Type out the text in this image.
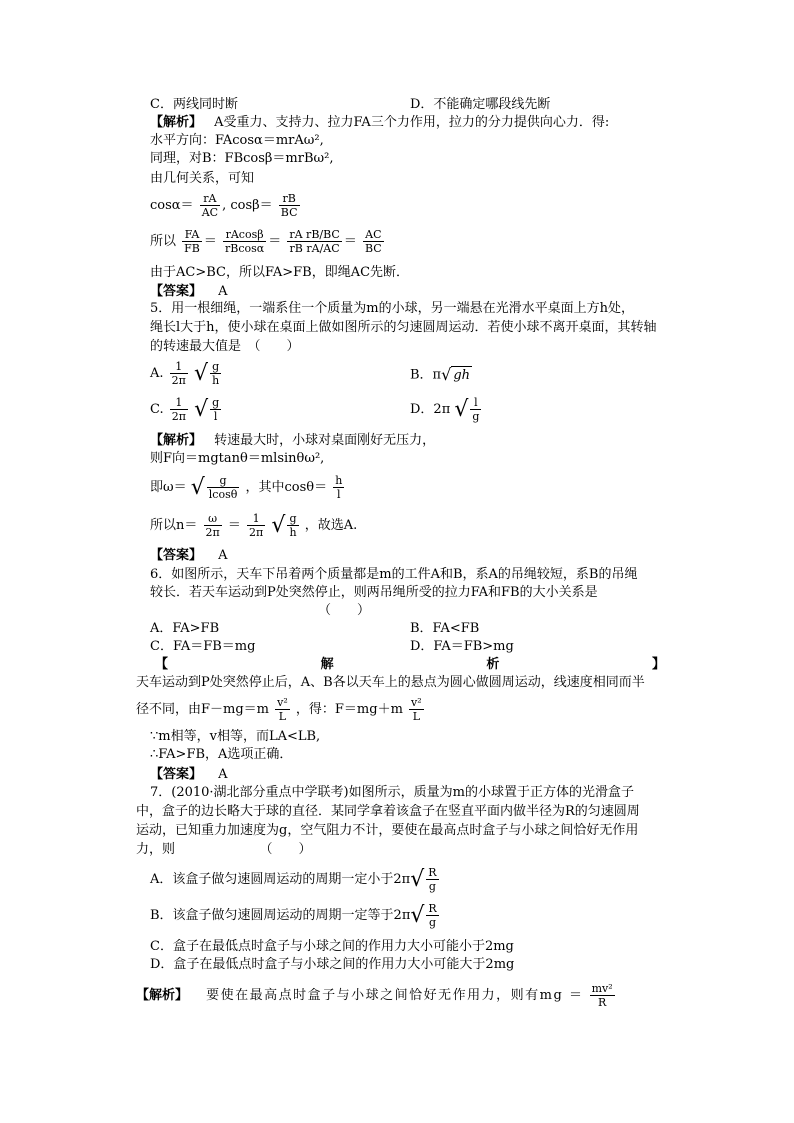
C．两线同时断	D．不能确定哪段线先断
【解析】 A受重力、支持力、拉力FA三个力作用，拉力的分力提供向心力．得:
水平方向：FAcosα＝mrAω²,
同理，对B：FBcosβ＝mrBω²,
由几何关系，可知
$\cos\alpha= \frac{rA}{AC}$ , $\cos\beta= \frac{rB}{BC}$
所以 $\frac{FA}{FB} = \frac{rAcos\beta}{rBcos\alpha} = \frac{\text{rA rB/BC}}{\text{rB rA/AC}} = \frac{AC}{BC}$
由于AC>BC，所以FA>FB，即绳AC先断．
【答案】 A
5．用一根细绳，一端系住一个质量为m的小球，另一端悬在光滑水平桌面上方h处，
绳长l大于h，使小球在桌面上做如图所示的匀速圆周运动．若使小球不离开桌面，其转轴
的转速最大值是　（　　）
A. $\frac{1}{2\pi}$ √ $\frac{g}{h}$	B．π√ gh
C. $\frac{1}{2\pi}$ √ $\frac{g}{l}$	D．2π √ $\frac{l}{g}$
【解析】 转速最大时，小球对桌面刚好无压力，
则F向＝mgtanθ＝mlsinθω²,
即ω＝ √ $\frac{g}{lcos\theta}$ ，其中$\cos\theta= \frac{h}{l}$
所以$n= \frac{\omega}{2\pi} = \frac{1}{2\pi}$ √ $\frac{g}{h}$ ，故选A.
【答案】 A
6．如图所示，天车下吊着两个质量都是m的工件A和B，系A的吊绳较短，系B的吊绳
较长．若天车运动到P处突然停止，则两吊绳所受的拉力FA和FB的大小关系是
（　　）
A．FA>FB	B．FA<FB
C．FA＝FB＝mg	D．FA＝FB>mg
【	解	析	】
天车运动到P处突然停止后，A、B各以天车上的悬点为圆心做圆周运动，线速度相同而半
径不同，由$F-mg=m \frac{\text{v²}}{L}$ ，得：$F=mg+m \frac{\text{v²}}{L}$
∵m相等，v相等，而LA<LB,
∴FA>FB，A选项正确．
【答案】 A
7．(2010·湖北部分重点中学联考)如图所示，质量为m的小球置于正方体的光滑盒子
中，盒子的边长略大于球的直径．某同学拿着该盒子在竖直平面内做半径为R的匀速圆周
运动，已知重力加速度为g，空气阻力不计，要使在最高点时盒子与小球之间恰好无作用
力，则　　　　　　　（　　）
A．该盒子做匀速圆周运动的周期一定小于$2\pi√ \frac{R}{g}$
B．该盒子做匀速圆周运动的周期一定等于$2\pi√ \frac{R}{g}$
C．盒子在最低点时盒子与小球之间的作用力大小可能小于2mg
D．盒子在最低点时盒子与小球之间的作用力大小可能大于2mg
【解析】 要使在最高点时盒子与小球之间恰好无作用力，则有mg ＝ $\frac{\text{mv²}}{R}$
